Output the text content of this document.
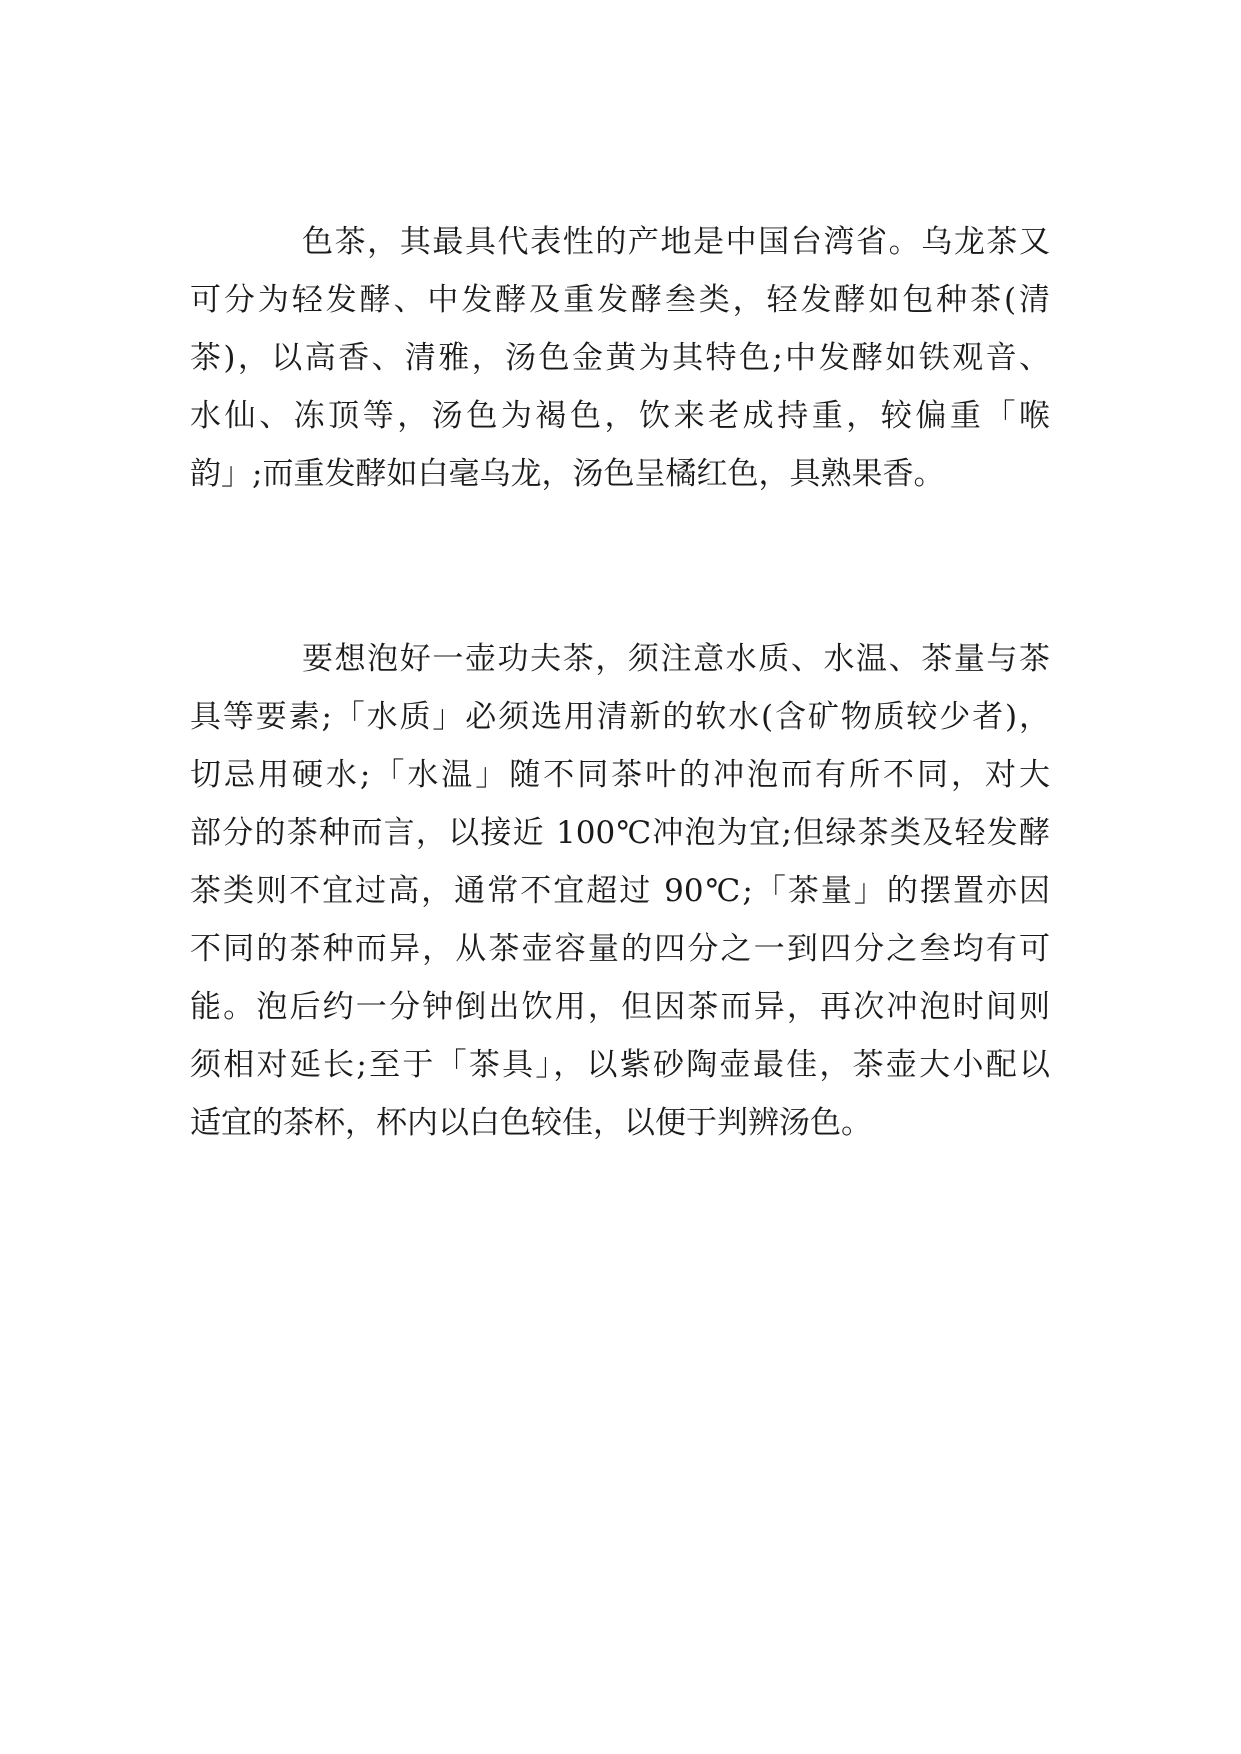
色茶，其最具代表性的产地是中国台湾省。乌龙茶又
可分为轻发酵、中发酵及重发酵叁类，轻发酵如包种茶(清
茶)，以高香、清雅，汤色金黄为其特色;中发酵如铁观音、
水仙、冻顶等，汤色为褐色，饮来老成持重，较偏重「喉
韵」;而重发酵如白毫乌龙，汤色呈橘红色，具熟果香。
要想泡好一壶功夫茶，须注意水质、水温、茶量与茶
具等要素;「水质」必须选用清新的软水(含矿物质较少者)，
切忌用硬水;「水温」随不同茶叶的冲泡而有所不同，对大
部分的茶种而言，以接近 100℃冲泡为宜;但绿茶类及轻发酵
茶类则不宜过高，通常不宜超过 90℃;「茶量」的摆置亦因
不同的茶种而异，从茶壶容量的四分之一到四分之叁均有可
能。泡后约一分钟倒出饮用，但因茶而异，再次冲泡时间则
须相对延长;至于「茶具」，以紫砂陶壶最佳，茶壶大小配以
适宜的茶杯，杯内以白色较佳，以便于判辨汤色。
